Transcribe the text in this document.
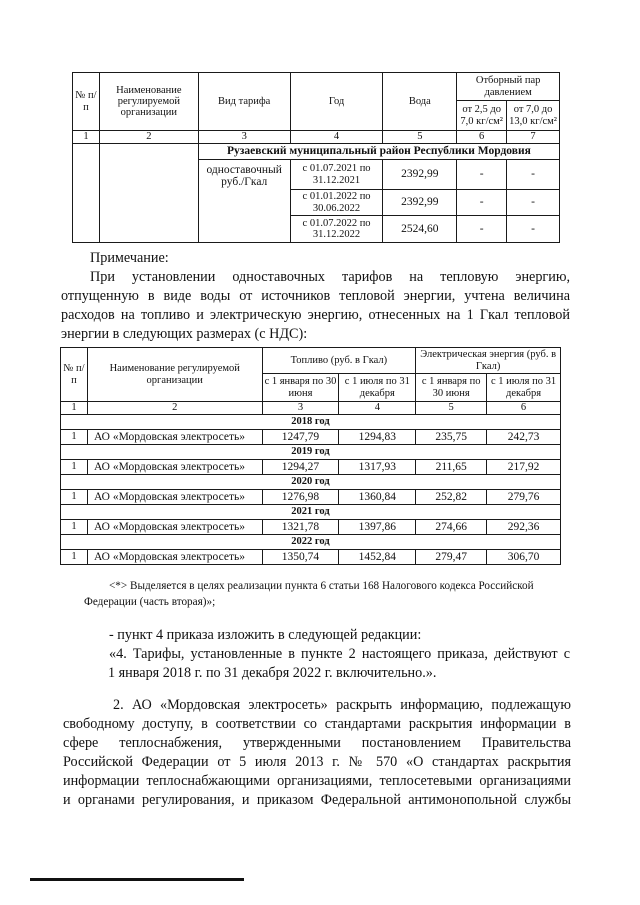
№ п/п	Наименование регулируемой организации	Вид тарифа	Год	Вода	Отборный пар давлением	
					от 2,5 до 7,0 кг/см²	от 7,0 до 13,0 кг/см²
1	2	3	4	5	6	7
		Рузаевский муниципальный район Республики Мордовия				
		одноставочный руб./Гкал	с 01.07.2021 по 31.12.2021	2392,99	-	-
			с 01.01.2022 по 30.06.2022	2392,99	-	-
			с 01.07.2022 по 31.12.2022	2524,60	-	-

Примечание:

При установлении одноставочных тарифов на тепловую энергию,

отпущенную в виде воды от источников тепловой энергии, учтена величина

расходов на топливо и электрическую энергию, отнесенных на 1 Гкал тепловой

энергии в следующих размерах (с НДС):

№ п/п	Наименование регулируемой организации	Топливо (руб. в Гкал)		Электрическая энергия (руб. в Гкал)	
		с 1 января по 30 июня	с 1 июля по 31 декабря	с 1 января по 30 июня	с 1 июля по 31 декабря
1	2	3	4	5	6
2018 год					
1	АО «Мордовская электросеть»	1247,79	1294,83	235,75	242,73
2019 год					
1	АО «Мордовская электросеть»	1294,27	1317,93	211,65	217,92
2020 год					
1	АО «Мордовская электросеть»	1276,98	1360,84	252,82	279,76
2021 год					
1	АО «Мордовская электросеть»	1321,78	1397,86	274,66	292,36
2022 год					
1	АО «Мордовская электросеть»	1350,74	1452,84	279,47	306,70

<*> Выделяется в целях реализации пункта 6 статьи 168 Налогового кодекса Российской

Федерации (часть вторая)»;

- пункт 4 приказа изложить в следующей редакции:

«4. Тарифы, установленные в пункте 2 настоящего приказа, действуют с

1 января 2018 г. по 31 декабря 2022 г. включительно.».

2. АО «Мордовская электросеть» раскрыть информацию, подлежащую

свободному доступу, в соответствии со стандартами раскрытия информации в

сфере теплоснабжения, утвержденными постановлением Правительства

Российской Федерации от 5 июля 2013 г. № 570 «О стандартах раскрытия

информации теплоснабжающими организациями, теплосетевыми организациями

и органами регулирования, и приказом Федеральной антимонопольной службы
